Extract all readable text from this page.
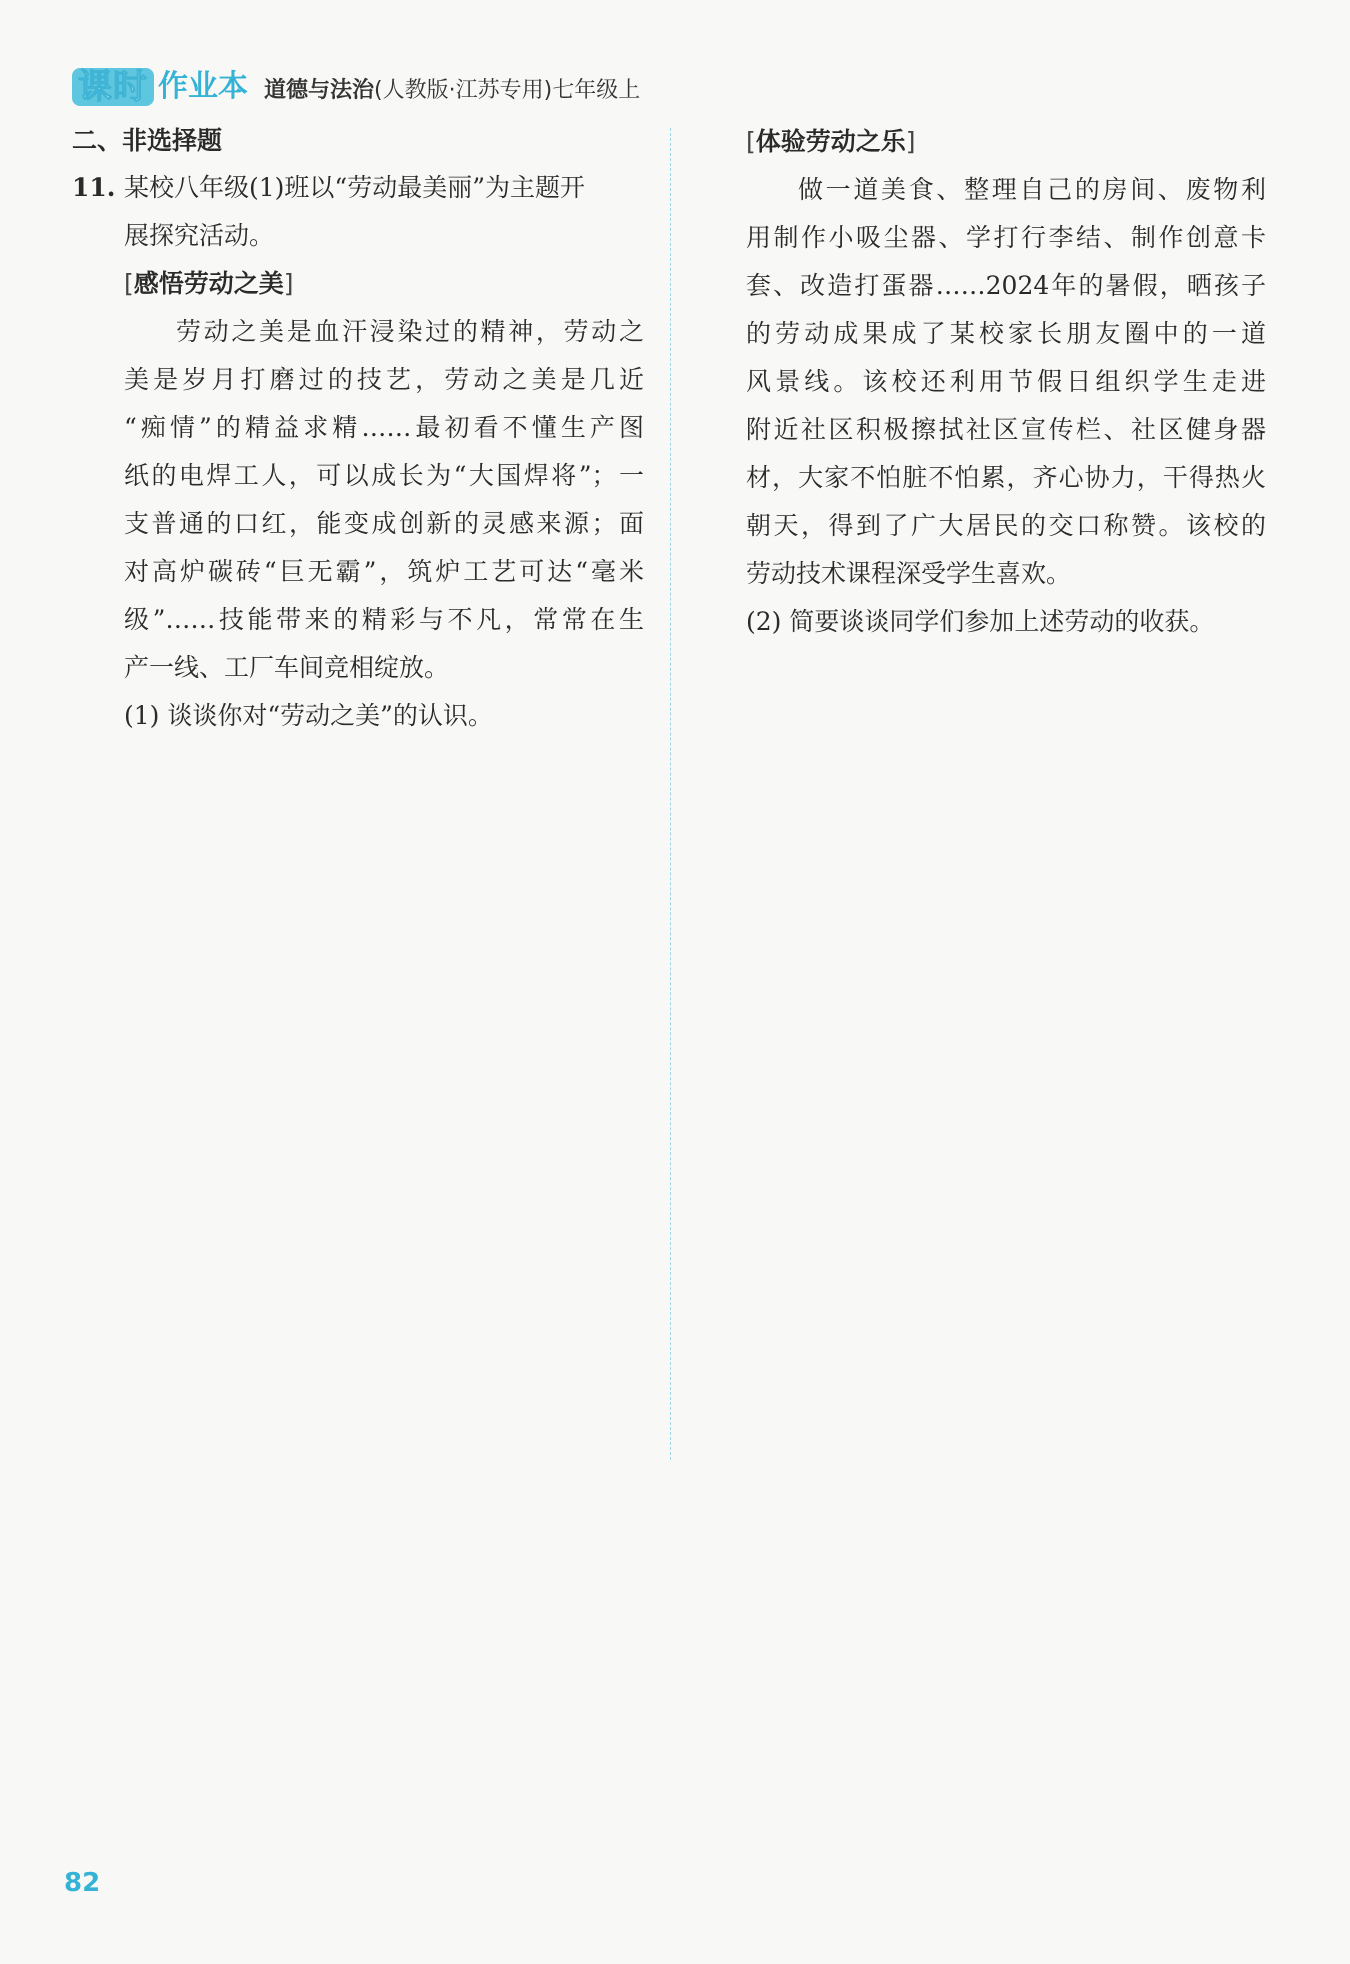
课时 作业本 道德与法治 (人教版·江苏专用) 七年级上
二、非选择题
11. 某校八年级(1)班以“劳动最美丽”为主题开
展探究活动。
[感悟劳动之美]
劳动之美是血汗浸染过的精神，劳动之
美是岁月打磨过的技艺，劳动之美是几近
“痴情”的精益求精……最初看不懂生产图
纸的电焊工人，可以成长为“大国焊将”；一
支普通的口红，能变成创新的灵感来源；面
对高炉碳砖“巨无霸”，筑炉工艺可达“毫米
级”……技能带来的精彩与不凡，常常在生
产一线、工厂车间竞相绽放。
(1) 谈谈你对“劳动之美”的认识。
[体验劳动之乐]
做一道美食、整理自己的房间、废物利
用制作小吸尘器、学打行李结、制作创意卡
套、改造打蛋器……2024年的暑假，晒孩子
的劳动成果成了某校家长朋友圈中的一道
风景线。该校还利用节假日组织学生走进
附近社区积极擦拭社区宣传栏、社区健身器
材，大家不怕脏不怕累，齐心协力，干得热火
朝天，得到了广大居民的交口称赞。该校的
劳动技术课程深受学生喜欢。
(2) 简要谈谈同学们参加上述劳动的收获。
82
